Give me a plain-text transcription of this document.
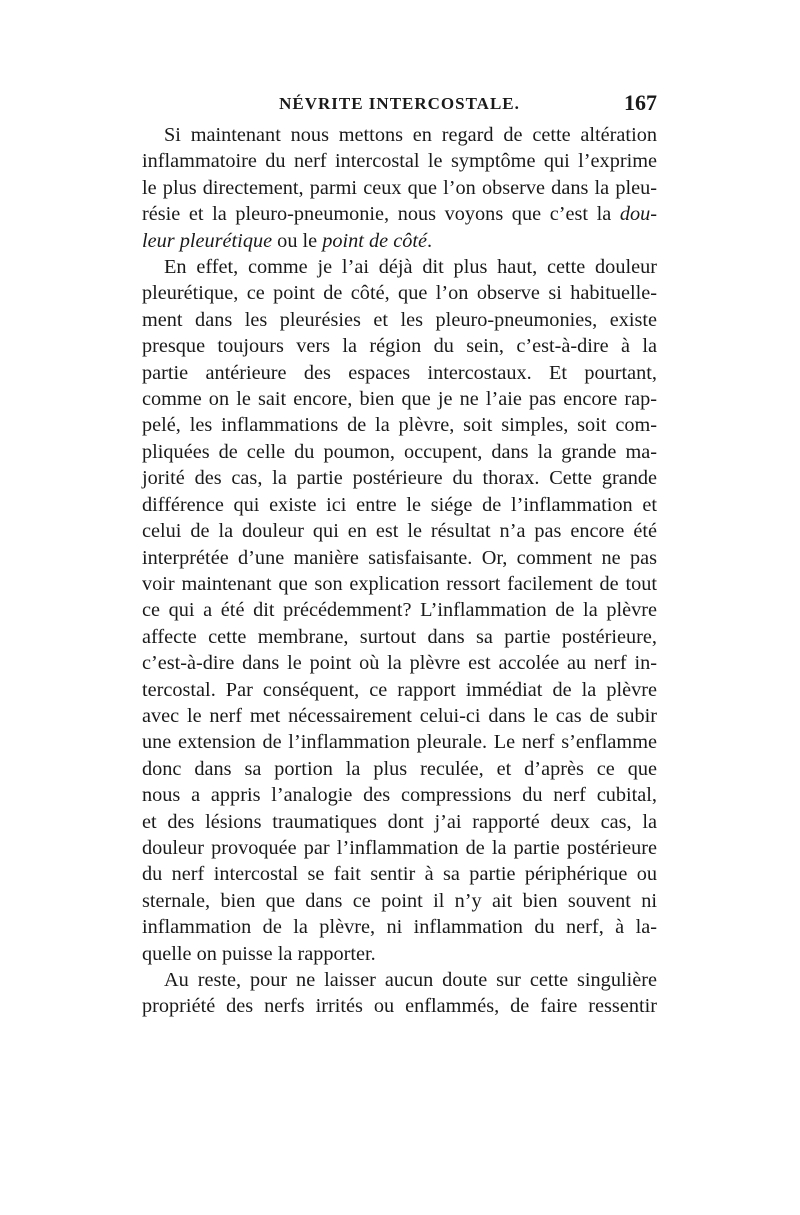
NÉVRITE INTERCOSTALE.	167
Si maintenant nous mettons en regard de cette altération
inflammatoire du nerf intercostal le symptôme qui l’exprime
le plus directement, parmi ceux que l’on observe dans la pleu-
résie et la pleuro-pneumonie, nous voyons que c’est la dou-
leur pleurétique ou le point de côté.
En effet, comme je l’ai déjà dit plus haut, cette douleur
pleurétique, ce point de côté, que l’on observe si habituelle-
ment dans les pleurésies et les pleuro-pneumonies, existe
presque toujours vers la région du sein, c’est-à-dire à la
partie antérieure des espaces intercostaux. Et pourtant,
comme on le sait encore, bien que je ne l’aie pas encore rap-
pelé, les inflammations de la plèvre, soit simples, soit com-
pliquées de celle du poumon, occupent, dans la grande ma-
jorité des cas, la partie postérieure du thorax. Cette grande
différence qui existe ici entre le siége de l’inflammation et
celui de la douleur qui en est le résultat n’a pas encore été
interprétée d’une manière satisfaisante. Or, comment ne pas
voir maintenant que son explication ressort facilement de tout
ce qui a été dit précédemment? L’inflammation de la plèvre
affecte cette membrane, surtout dans sa partie postérieure,
c’est-à-dire dans le point où la plèvre est accolée au nerf in-
tercostal. Par conséquent, ce rapport immédiat de la plèvre
avec le nerf met nécessairement celui-ci dans le cas de subir
une extension de l’inflammation pleurale. Le nerf s’enflamme
donc dans sa portion la plus reculée, et d’après ce que
nous a appris l’analogie des compressions du nerf cubital,
et des lésions traumatiques dont j’ai rapporté deux cas, la
douleur provoquée par l’inflammation de la partie postérieure
du nerf intercostal se fait sentir à sa partie périphérique ou
sternale, bien que dans ce point il n’y ait bien souvent ni
inflammation de la plèvre, ni inflammation du nerf, à la-
quelle on puisse la rapporter.
Au reste, pour ne laisser aucun doute sur cette singulière
propriété des nerfs irrités ou enflammés, de faire ressentir
